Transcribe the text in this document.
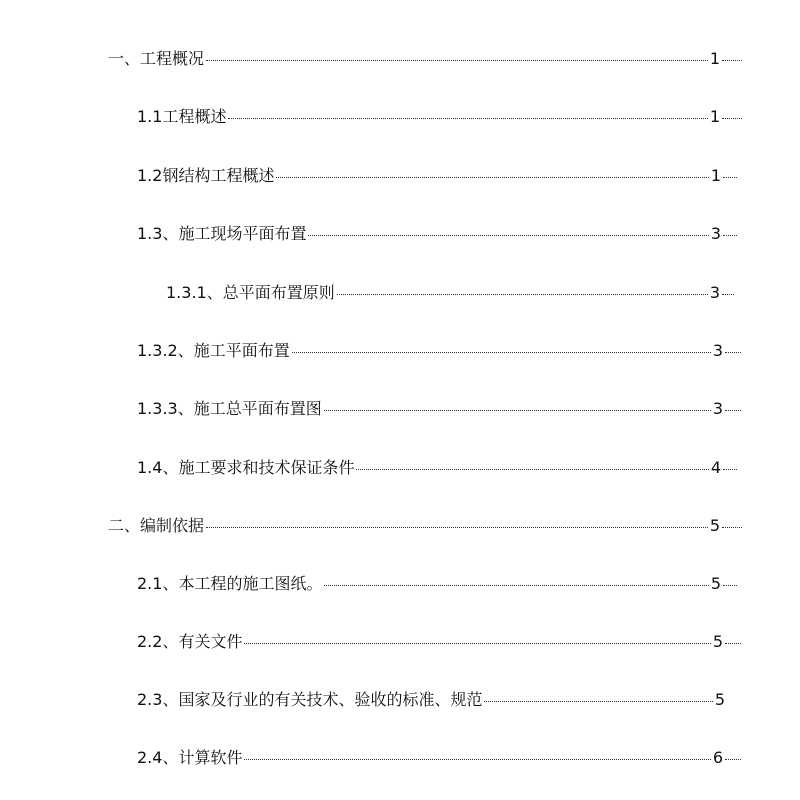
一、工程概况	1
1.1工程概述	1
1.2钢结构工程概述	1
1.3、施工现场平面布置	3
1.3.1、总平面布置原则	3
1.3.2、施工平面布置	3
1.3.3、施工总平面布置图	3
1.4、施工要求和技术保证条件	4
二、编制依据	5
2.1、本工程的施工图纸。	5
2.2、有关文件	5
2.3、国家及行业的有关技术、验收的标准、规范	5
2.4、计算软件	6
